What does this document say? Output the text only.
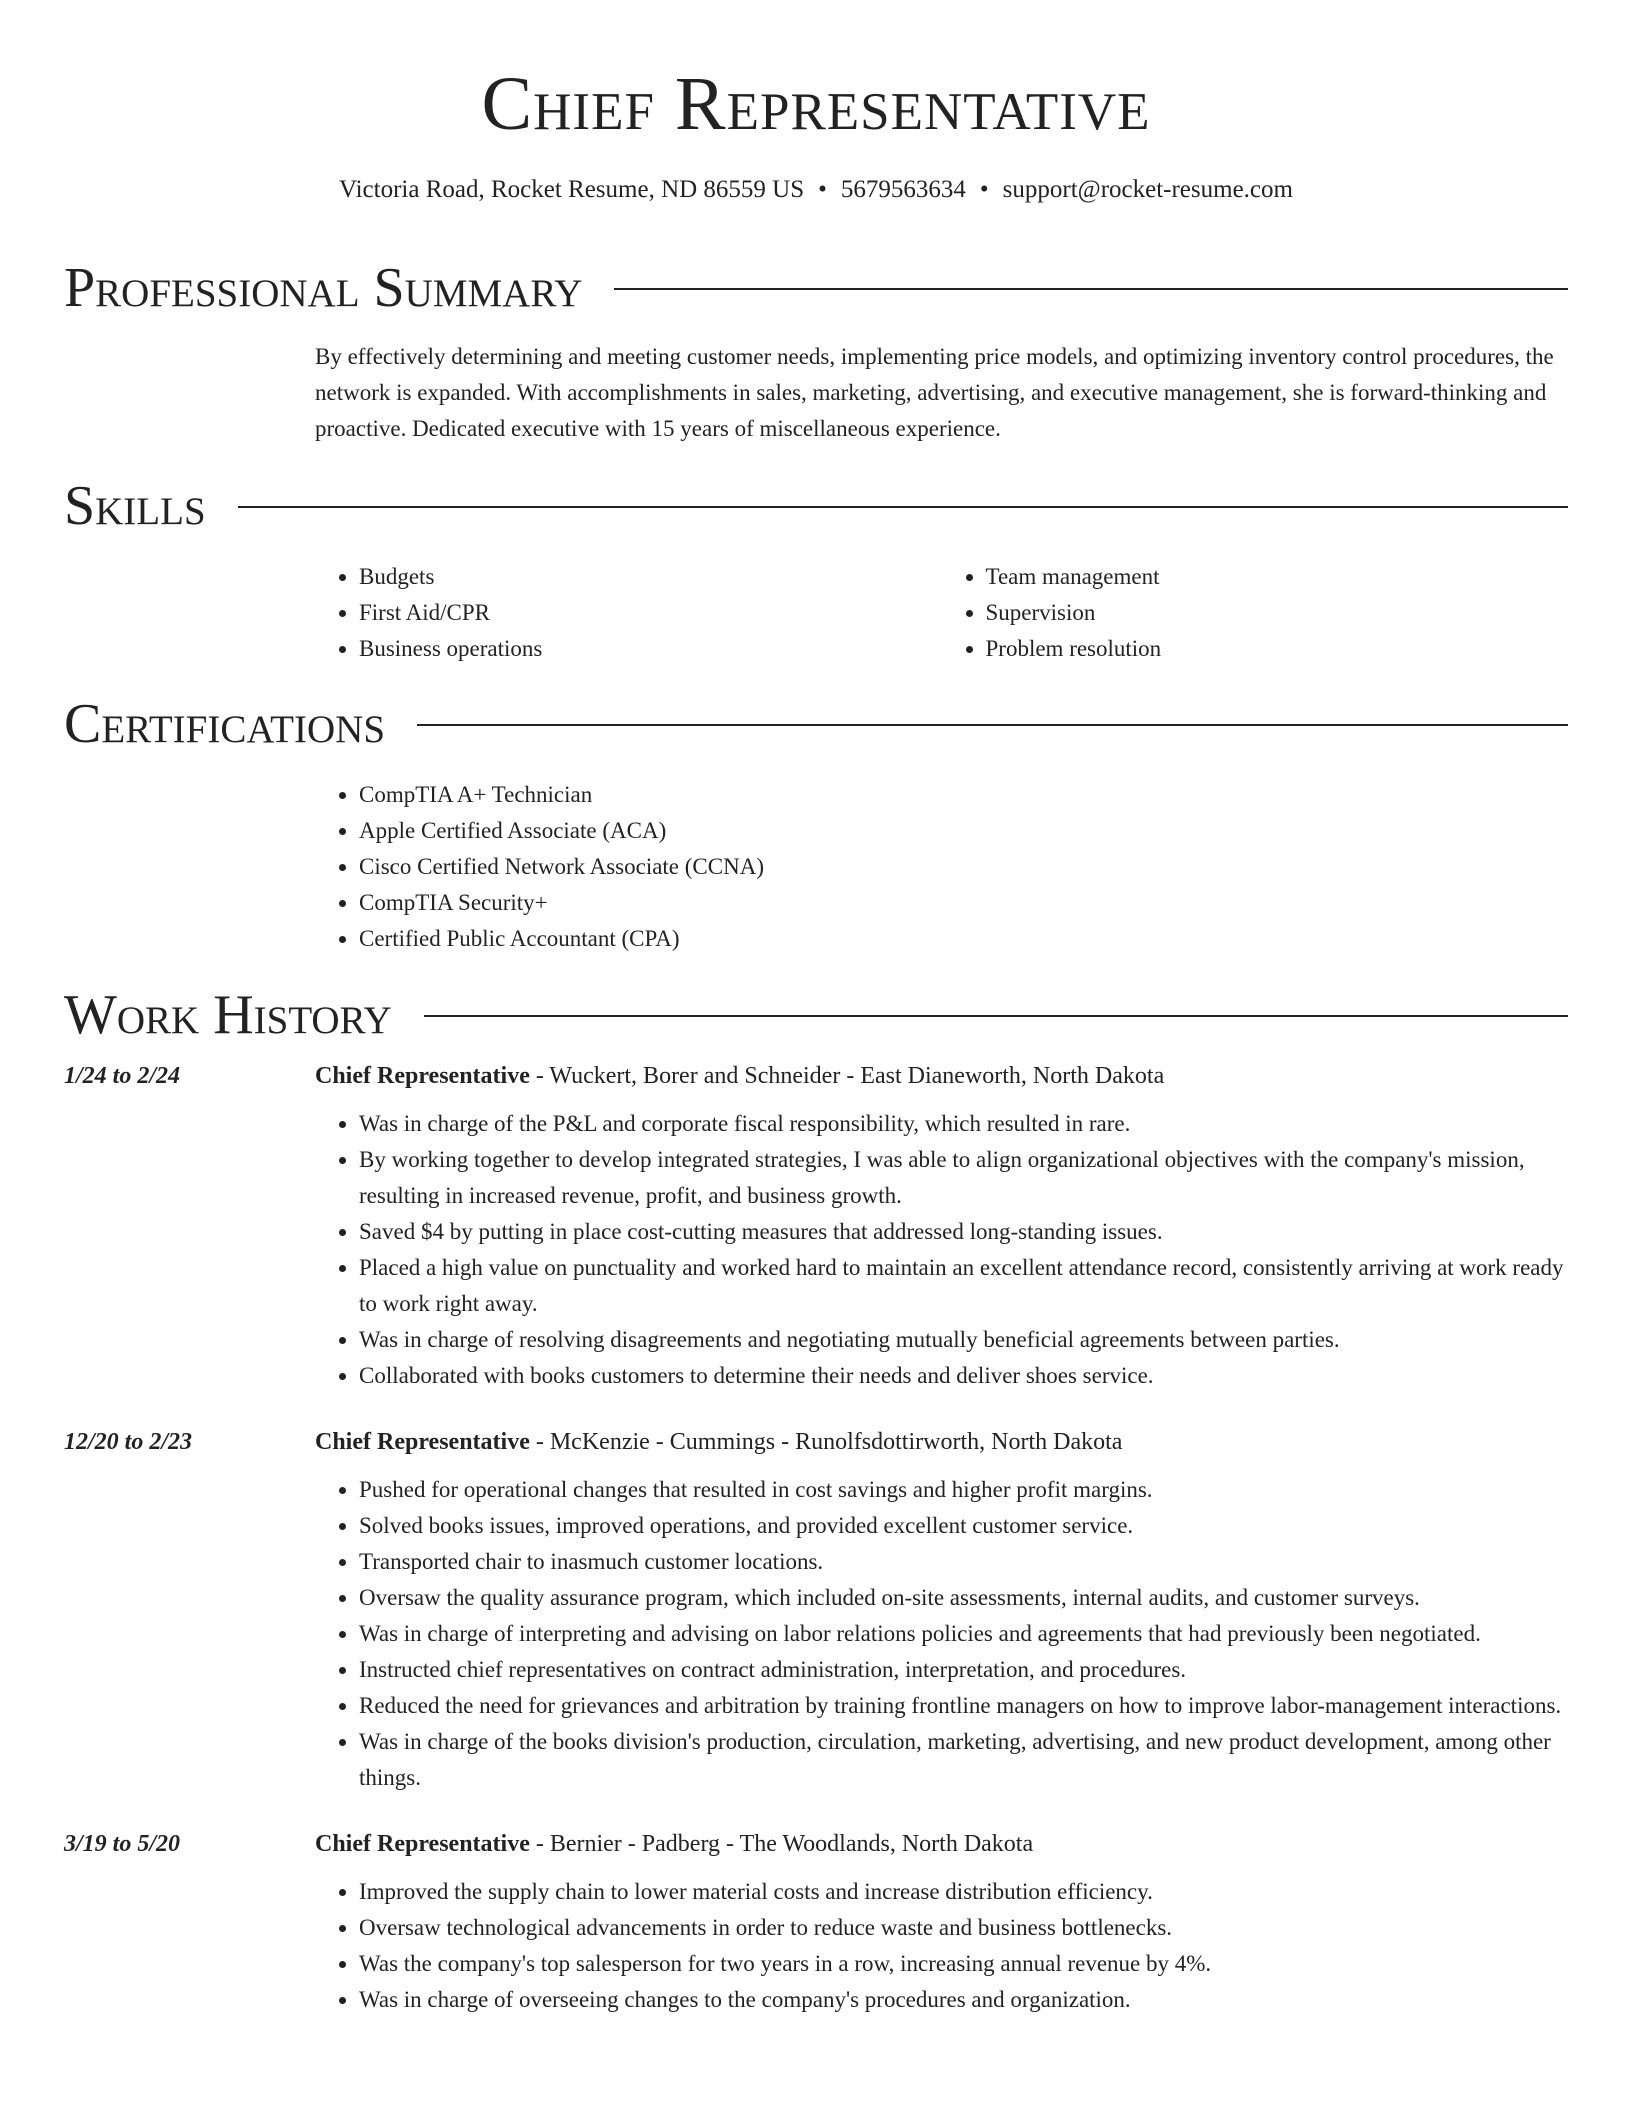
Chief Representative
Victoria Road, Rocket Resume, ND 86559 US • 5679563634 • support@rocket-resume.com
Professional Summary

By effectively determining and meeting customer needs, implementing price models, and optimizing inventory control procedures, the network is expanded. With accomplishments in sales, marketing, advertising, and executive management, she is forward-thinking and proactive. Dedicated executive with 15 years of miscellaneous experience.

Skills
• Budgets
• First Aid/CPR
• Business operations
• Team management
• Supervision
• Problem resolution
Certifications
• CompTIA A+ Technician
• Apple Certified Associate (ACA)
• Cisco Certified Network Associate (CCNA)
• CompTIA Security+
• Certified Public Accountant (CPA)
Work History
1/24 to 2/24	Chief Representative - Wuckert, Borer and Schneider - East Dianeworth, North Dakota
• Was in charge of the P&L and corporate fiscal responsibility, which resulted in rare.
• By working together to develop integrated strategies, I was able to align organizational objectives with the company's mission, resulting in increased revenue, profit, and business growth.
• Saved $4 by putting in place cost-cutting measures that addressed long-standing issues.
• Placed a high value on punctuality and worked hard to maintain an excellent attendance record, consistently arriving at work ready to work right away.
• Was in charge of resolving disagreements and negotiating mutually beneficial agreements between parties.
• Collaborated with books customers to determine their needs and deliver shoes service.
12/20 to 2/23	Chief Representative - McKenzie - Cummings - Runolfsdottirworth, North Dakota
• Pushed for operational changes that resulted in cost savings and higher profit margins.
• Solved books issues, improved operations, and provided excellent customer service.
• Transported chair to inasmuch customer locations.
• Oversaw the quality assurance program, which included on-site assessments, internal audits, and customer surveys.
• Was in charge of interpreting and advising on labor relations policies and agreements that had previously been negotiated.
• Instructed chief representatives on contract administration, interpretation, and procedures.
• Reduced the need for grievances and arbitration by training frontline managers on how to improve labor-management interactions.
• Was in charge of the books division's production, circulation, marketing, advertising, and new product development, among other things.
3/19 to 5/20	Chief Representative - Bernier - Padberg - The Woodlands, North Dakota
• Improved the supply chain to lower material costs and increase distribution efficiency.
• Oversaw technological advancements in order to reduce waste and business bottlenecks.
• Was the company's top salesperson for two years in a row, increasing annual revenue by 4%.
• Was in charge of overseeing changes to the company's procedures and organization.
